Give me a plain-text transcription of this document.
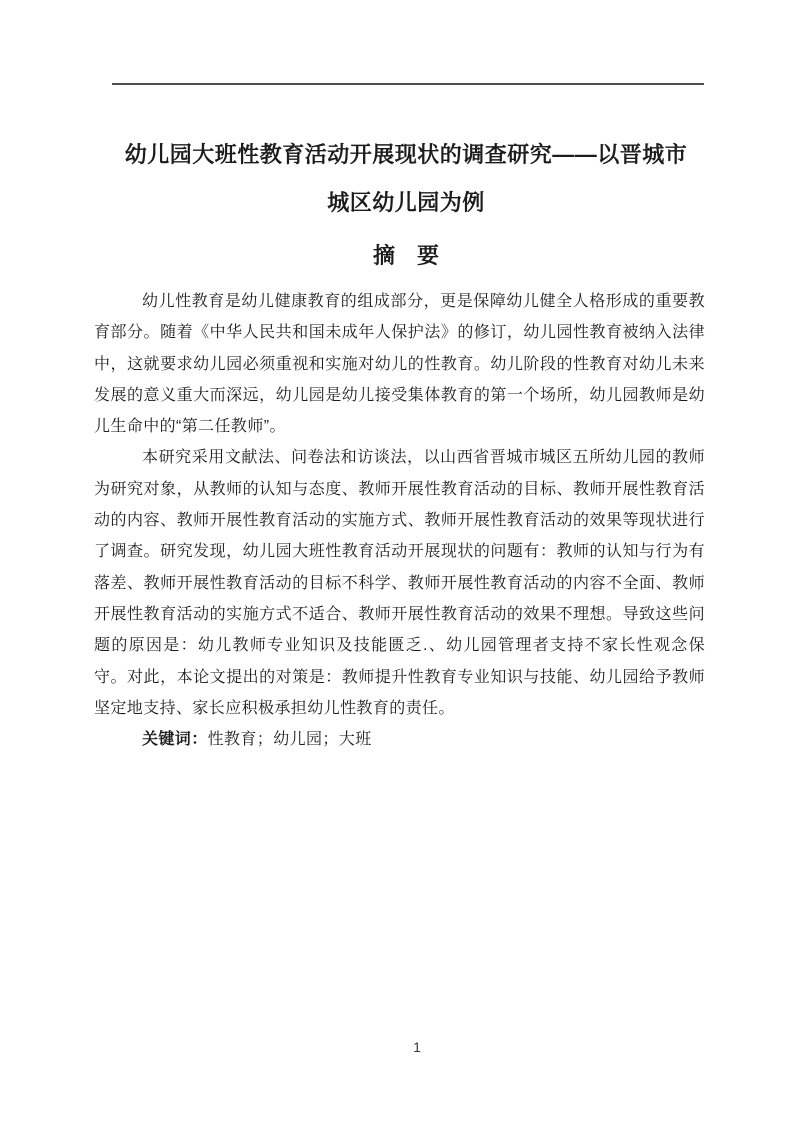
幼儿园大班性教育活动开展现状的调查研究——以晋城市
城区幼儿园为例
摘　要

幼儿性教育是幼儿健康教育的组成部分，更是保障幼儿健全人格形成的重要教育部分。随着《中华人民共和国未成年人保护法》的修订，幼儿园性教育被纳入法律中，这就要求幼儿园必须重视和实施对幼儿的性教育。幼儿阶段的性教育对幼儿未来发展的意义重大而深远，幼儿园是幼儿接受集体教育的第一个场所，幼儿园教师是幼儿生命中的“第二任教师”。

本研究采用文献法、问卷法和访谈法，以山西省晋城市城区五所幼儿园的教师为研究对象，从教师的认知与态度、教师开展性教育活动的目标、教师开展性教育活动的内容、教师开展性教育活动的实施方式、教师开展性教育活动的效果等现状进行了调查。研究发现，幼儿园大班性教育活动开展现状的问题有：教师的认知与行为有落差、教师开展性教育活动的目标不科学、教师开展性教育活动的内容不全面、教师开展性教育活动的实施方式不适合、教师开展性教育活动的效果不理想。导致这些问题的原因是：幼儿教师专业知识及技能匮乏.、幼儿园管理者支持不家长性观念保守。对此，本论文提出的对策是：教师提升性教育专业知识与技能、幼儿园给予教师坚定地支持、家长应积极承担幼儿性教育的责任。

关键词：性教育；幼儿园；大班

1
